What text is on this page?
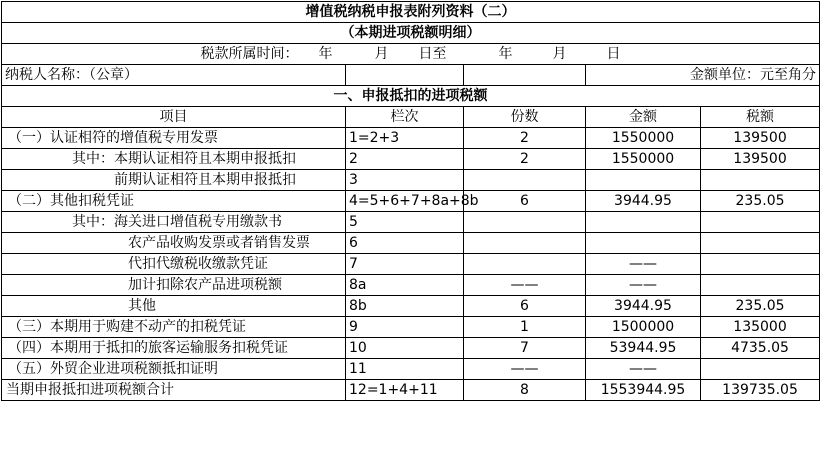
增值税纳税申报表附列资料（二）				
（本期进项税额明细）				
税款所属时间： 年 月 日至 年 月 日				
纳税人名称：（公章）			金额单位：元至角分	
一、申报抵扣的进项税额				
项目	栏次	份数	金额	税额
（一）认证相符的增值税专用发票	1=2+3	2	1550000	139500
其中：本期认证相符且本期申报抵扣	2	2	1550000	139500
前期认证相符且本期申报抵扣	3			
（二）其他扣税凭证	4=5+6+7+8a+8b	6	3944.95	235.05
其中：海关进口增值税专用缴款书	5			
农产品收购发票或者销售发票	6			
代扣代缴税收缴款凭证	7		——	
加计扣除农产品进项税额	8a	——	——	
其他	8b	6	3944.95	235.05
（三）本期用于购建不动产的扣税凭证	9	1	1500000	135000
（四）本期用于抵扣的旅客运输服务扣税凭证	10	7	53944.95	4735.05
（五）外贸企业进项税额抵扣证明	11	——	——	
当期申报抵扣进项税额合计	12=1+4+11	8	1553944.95	139735.05
